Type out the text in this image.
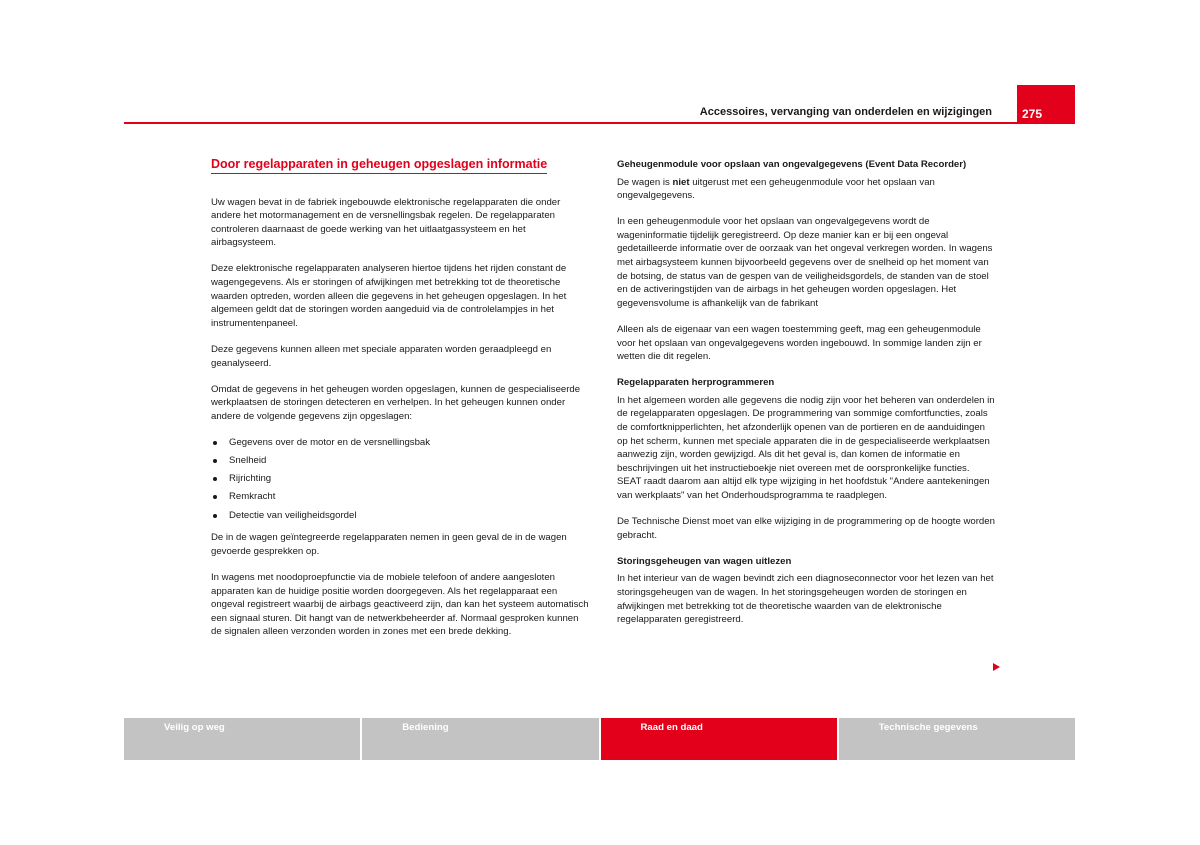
Accessoires, vervanging van onderdelen en wijzigingen	275
Door regelapparaten in geheugen opgeslagen informatie

Uw wagen bevat in de fabriek ingebouwde elektronische regelapparaten die onder andere het motormanagement en de versnellingsbak regelen. De regelapparaten controleren daarnaast de goede werking van het uitlaatgassysteem en het airbagsysteem.

Deze elektronische regelapparaten analyseren hiertoe tijdens het rijden constant de wagengegevens. Als er storingen of afwijkingen met betrekking tot de theoretische waarden optreden, worden alleen die gegevens in het geheugen opgeslagen. In het algemeen geldt dat de storingen worden aangeduid via de controlelampjes in het instrumentenpaneel.

Deze gegevens kunnen alleen met speciale apparaten worden geraadpleegd en geanalyseerd.

Omdat de gegevens in het geheugen worden opgeslagen, kunnen de gespecialiseerde werkplaatsen de storingen detecteren en verhelpen. In het geheugen kunnen onder andere de volgende gegevens zijn opgeslagen:

Gegevens over de motor en de versnellingsbak
Snelheid
Rijrichting
Remkracht
Detectie van veiligheidsgordel

De in de wagen geïntegreerde regelapparaten nemen in geen geval de in de wagen gevoerde gesprekken op.

In wagens met noodoproepfunctie via de mobiele telefoon of andere aangesloten apparaten kan de huidige positie worden doorgegeven. Als het regelapparaat een ongeval registreert waarbij de airbags geactiveerd zijn, dan kan het systeem automatisch een signaal sturen. Dit hangt van de netwerkbeheerder af. Normaal gesproken kunnen de signalen alleen verzonden worden in zones met een brede dekking.

Geheugenmodule voor opslaan van ongevalgegevens (Event Data Recorder)

De wagen is niet uitgerust met een geheugenmodule voor het opslaan van ongevalgegevens.

In een geheugenmodule voor het opslaan van ongevalgegevens wordt de wageninformatie tijdelijk geregistreerd. Op deze manier kan er bij een ongeval gedetailleerde informatie over de oorzaak van het ongeval verkregen worden. In wagens met airbagsysteem kunnen bijvoorbeeld gegevens over de snelheid op het moment van de botsing, de status van de gespen van de veiligheidsgordels, de standen van de stoel en de activeringstijden van de airbags in het geheugen worden opgeslagen. Het gegevensvolume is afhankelijk van de fabrikant

Alleen als de eigenaar van een wagen toestemming geeft, mag een geheugenmodule voor het opslaan van ongevalgegevens worden ingebouwd. In sommige landen zijn er wetten die dit regelen.

Regelapparaten herprogrammeren

In het algemeen worden alle gegevens die nodig zijn voor het beheren van onderdelen in de regelapparaten opgeslagen. De programmering van sommige comfortfuncties, zoals de comfortknipperlichten, het afzonderlijk openen van de portieren en de aanduidingen op het scherm, kunnen met speciale apparaten die in de gespecialiseerde werkplaatsen aanwezig zijn, worden gewijzigd. Als dit het geval is, dan komen de informatie en beschrijvingen uit het instructieboekje niet overeen met de oorspronkelijke functies. SEAT raadt daarom aan altijd elk type wijziging in het hoofdstuk "Andere aantekeningen van werkplaats" van het Onderhoudsprogramma te raadplegen.

De Technische Dienst moet van elke wijziging in de programmering op de hoogte worden gebracht.

Storingsgeheugen van wagen uitlezen

In het interieur van de wagen bevindt zich een diagnoseconnector voor het lezen van het storingsgeheugen van de wagen. In het storingsgeheugen worden de storingen en afwijkingen met betrekking tot de theoretische waarden van de elektronische regelapparaten geregistreerd.

Veilig op weg	Bediening	Raad en daad	Technische gegevens
